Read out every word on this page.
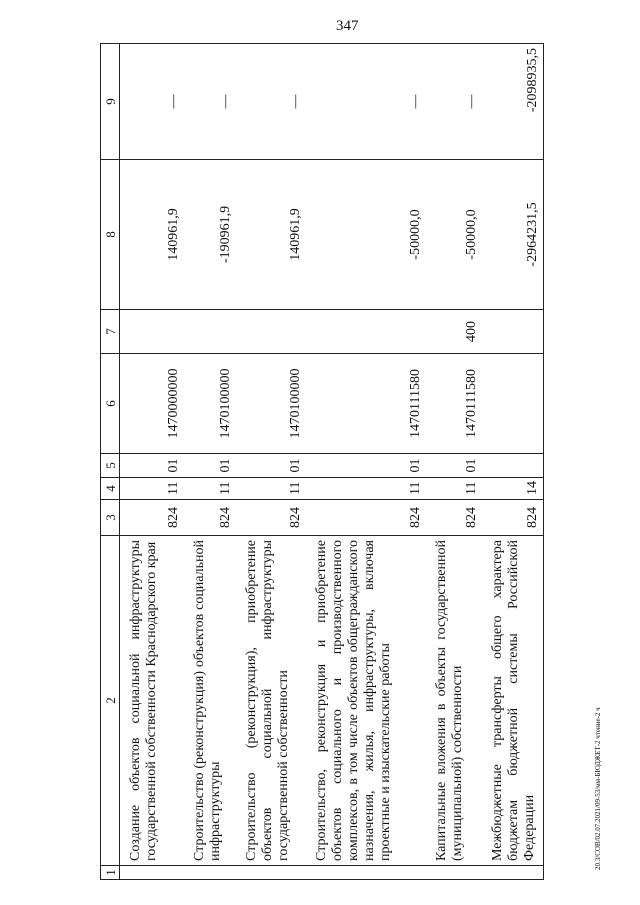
347
20.3/СОВ/02.07.2021/09-53/мм-БЮДЖЕТ-2 чтение-2 ч
1	2	3	4	5	6	7	8	9
	Создание объектов социальной инфраструктуры государственной собственности Краснодарского края	824	11	01	1470000000		140961,9	—
	Строительство (реконструкция) объектов социальной инфраструктуры	824	11	01	1470100000		-190961,9	—
	Строительство (реконструкция), приобретение объектов социальной инфраструктуры государственной собственности	824	11	01	1470100000		140961,9	—
	Строительство, реконструкция и приобретение объектов социального и производственного комплексов, в том числе объектов общегражданского назначения, жилья, инфраструктуры, включая проектные и изыскательские работы	824	11	01	1470111580		-50000,0	—
	Капитальные вложения в объекты государственной (муниципальной) собственности	824	11	01	1470111580	400	-50000,0	—
	Межбюджетные трансферты общего характера бюджетам бюджетной системы Российской Федерации	824	14				-2964231,5	-2098935,5
